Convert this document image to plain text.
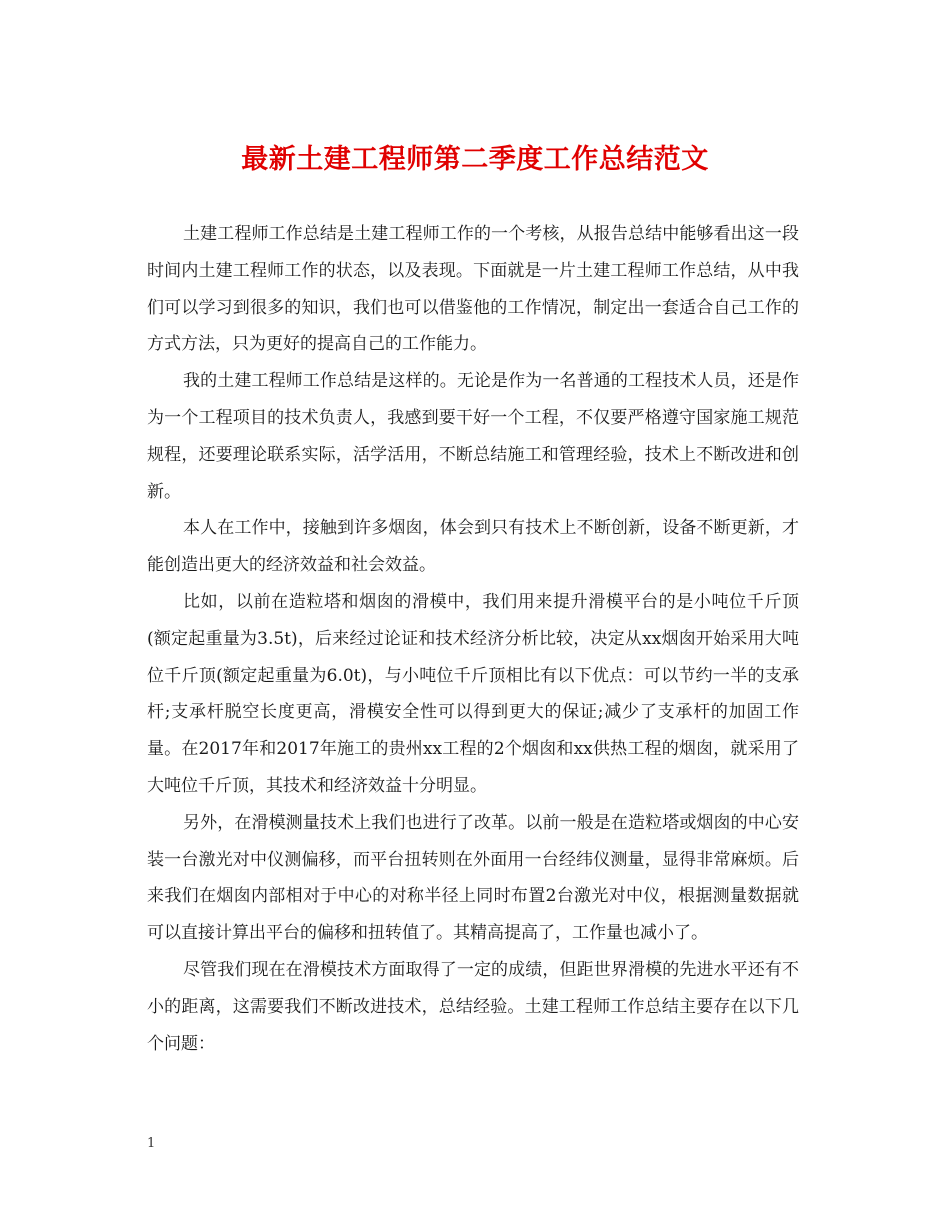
最新土建工程师第二季度工作总结范文

土建工程师工作总结是土建工程师工作的一个考核，从报告总结中能够看出这一段时间内土建工程师工作的状态，以及表现。下面就是一片土建工程师工作总结，从中我们可以学习到很多的知识，我们也可以借鉴他的工作情况，制定出一套适合自己工作的方式方法，只为更好的提高自己的工作能力。

我的土建工程师工作总结是这样的。无论是作为一名普通的工程技术人员，还是作为一个工程项目的技术负责人，我感到要干好一个工程，不仅要严格遵守国家施工规范规程，还要理论联系实际，活学活用，不断总结施工和管理经验，技术上不断改进和创新。

本人在工作中，接触到许多烟囱，体会到只有技术上不断创新，设备不断更新，才能创造出更大的经济效益和社会效益。

比如，以前在造粒塔和烟囱的滑模中，我们用来提升滑模平台的是小吨位千斤顶(额定起重量为3.5t)，后来经过论证和技术经济分析比较，决定从xx烟囱开始采用大吨位千斤顶(额定起重量为6.0t)，与小吨位千斤顶相比有以下优点：可以节约一半的支承杆;支承杆脱空长度更高，滑模安全性可以得到更大的保证;减少了支承杆的加固工作量。在2017年和2017年施工的贵州xx工程的2个烟囱和xx供热工程的烟囱，就采用了大吨位千斤顶，其技术和经济效益十分明显。

另外，在滑模测量技术上我们也进行了改革。以前一般是在造粒塔或烟囱的中心安装一台激光对中仪测偏移，而平台扭转则在外面用一台经纬仪测量，显得非常麻烦。后来我们在烟囱内部相对于中心的对称半径上同时布置2台激光对中仪，根据测量数据就可以直接计算出平台的偏移和扭转值了。其精高提高了，工作量也减小了。

尽管我们现在在滑模技术方面取得了一定的成绩，但距世界滑模的先进水平还有不小的距离，这需要我们不断改进技术，总结经验。土建工程师工作总结主要存在以下几个问题：

1
